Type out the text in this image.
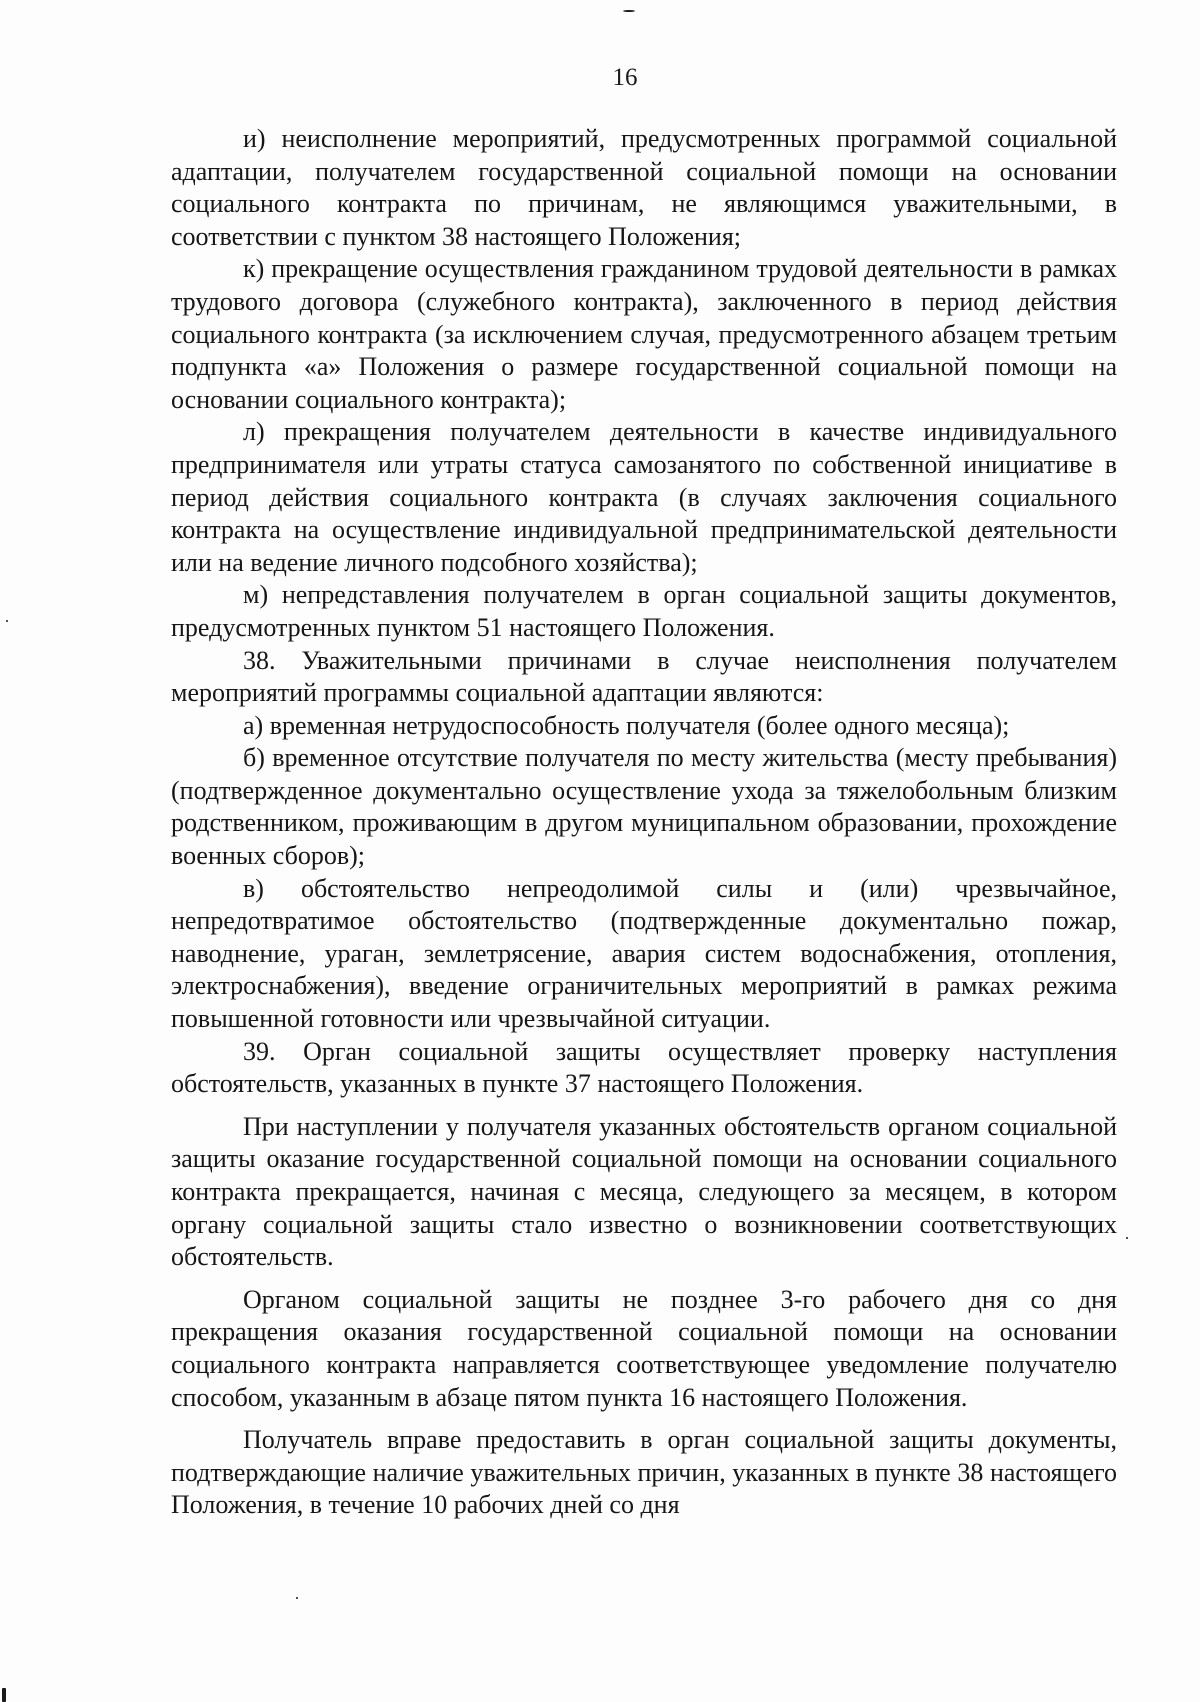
16

и) неисполнение мероприятий, предусмотренных программой социальной адаптации, получателем государственной социальной помощи на основании социального контракта по причинам, не являющимся уважительными, в соответствии с пунктом 38 настоящего Положения;

к) прекращение осуществления гражданином трудовой деятельности в рамках трудового договора (служебного контракта), заключенного в период действия социального контракта (за исключением случая, предусмотренного абзацем третьим подпункта «а» Положения о размере государственной социальной помощи на основании социального контракта);

л) прекращения получателем деятельности в качестве индивидуального предпринимателя или утраты статуса самозанятого по собственной инициативе в период действия социального контракта (в случаях заключения социального контракта на осуществление индивидуальной предпринимательской деятельности или на ведение личного подсобного хозяйства);

м) непредставления получателем в орган социальной защиты документов, предусмотренных пунктом 51 настоящего Положения.

38. Уважительными причинами в случае неисполнения получателем мероприятий программы социальной адаптации являются:

а) временная нетрудоспособность получателя (более одного месяца);

б) временное отсутствие получателя по месту жительства (месту пребывания) (подтвержденное документально осуществление ухода за тяжелобольным близким родственником, проживающим в другом муниципальном образовании, прохождение военных сборов);

в) обстоятельство непреодолимой силы и (или) чрезвычайное, непредотвратимое обстоятельство (подтвержденные документально пожар, наводнение, ураган, землетрясение, авария систем водоснабжения, отопления, электроснабжения), введение ограничительных мероприятий в рамках режима повышенной готовности или чрезвычайной ситуации.

39. Орган социальной защиты осуществляет проверку наступления обстоятельств, указанных в пункте 37 настоящего Положения.

При наступлении у получателя указанных обстоятельств органом социальной защиты оказание государственной социальной помощи на основании социального контракта прекращается, начиная с месяца, следующего за месяцем, в котором органу социальной защиты стало известно о возникновении соответствующих обстоятельств.

Органом социальной защиты не позднее 3-го рабочего дня со дня прекращения оказания государственной социальной помощи на основании социального контракта направляется соответствующее уведомление получателю способом, указанным в абзаце пятом пункта 16 настоящего Положения.

Получатель вправе предоставить в орган социальной защиты документы, подтверждающие наличие уважительных причин, указанных в пункте 38 настоящего Положения, в течение 10 рабочих дней со дня
